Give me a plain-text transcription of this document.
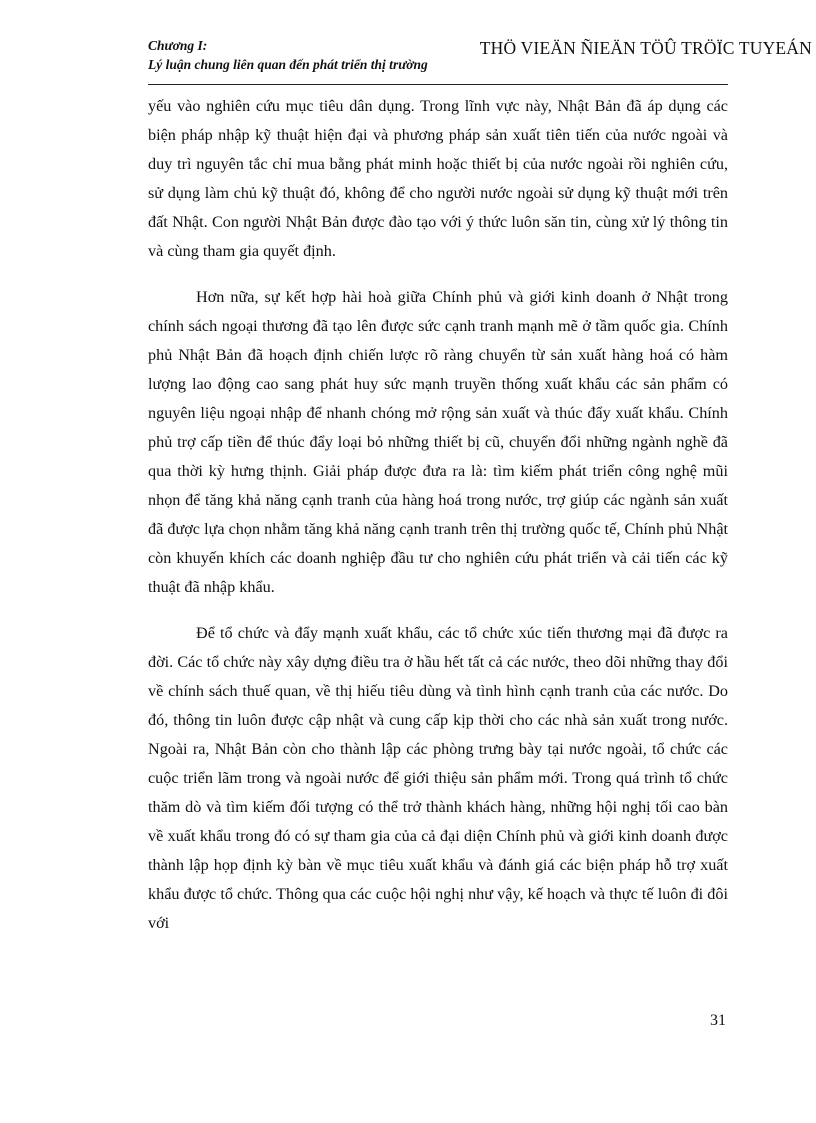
Chương I:
Lý luận chung liên quan đến phát triển thị trường
THÖ VIEÄN ÑIEÄN TÖÛ TRÖÏC TUYEÁN

yếu vào nghiên cứu mục tiêu dân dụng. Trong lĩnh vực này, Nhật Bản đã áp dụng các biện pháp nhập kỹ thuật hiện đại và phương pháp sản xuất tiên tiến của nước ngoài và duy trì nguyên tắc chỉ mua bằng phát minh hoặc thiết bị của nước ngoài rồi nghiên cứu, sử dụng làm chủ kỹ thuật đó, không để cho người nước ngoài sử dụng kỹ thuật mới trên đất Nhật. Con người Nhật Bản được đào tạo với ý thức luôn săn tin, cùng xử lý thông tin và cùng tham gia quyết định.

Hơn nữa, sự kết hợp hài hoà giữa Chính phủ và giới kinh doanh ở Nhật trong chính sách ngoại thương đã tạo lên được sức cạnh tranh mạnh mẽ ở tầm quốc gia. Chính phủ Nhật Bản đã hoạch định chiến lược rõ ràng chuyển từ sản xuất hàng hoá có hàm lượng lao động cao sang phát huy sức mạnh truyền thống xuất khẩu các sản phẩm có nguyên liệu ngoại nhập để nhanh chóng mở rộng sản xuất và thúc đẩy xuất khẩu. Chính phủ trợ cấp tiền để thúc đẩy loại bỏ những thiết bị cũ, chuyển đổi những ngành nghề đã qua thời kỳ hưng thịnh. Giải pháp được đưa ra là: tìm kiếm phát triển công nghệ mũi nhọn để tăng khả năng cạnh tranh của hàng hoá trong nước, trợ giúp các ngành sản xuất đã được lựa chọn nhằm tăng khả năng cạnh tranh trên thị trường quốc tế, Chính phủ Nhật còn khuyến khích các doanh nghiệp đầu tư cho nghiên cứu phát triển và cải tiến các kỹ thuật đã nhập khẩu.

Để tổ chức và đẩy mạnh xuất khẩu, các tổ chức xúc tiến thương mại đã được ra đời. Các tổ chức này xây dựng điều tra ở hầu hết tất cả các nước, theo dõi những thay đổi về chính sách thuế quan, về thị hiếu tiêu dùng và tình hình cạnh tranh của các nước. Do đó, thông tin luôn được cập nhật và cung cấp kịp thời cho các nhà sản xuất trong nước. Ngoài ra, Nhật Bản còn cho thành lập các phòng trưng bày tại nước ngoài, tổ chức các cuộc triển lãm trong và ngoài nước để giới thiệu sản phẩm mới. Trong quá trình tổ chức thăm dò và tìm kiếm đối tượng có thể trở thành khách hàng, những hội nghị tối cao bàn về xuất khẩu trong đó có sự tham gia của cả đại diện Chính phủ và giới kinh doanh được thành lập họp định kỳ bàn về mục tiêu xuất khẩu và đánh giá các biện pháp hỗ trợ xuất khẩu được tổ chức. Thông qua các cuộc hội nghị như vậy, kế hoạch và thực tế luôn đi đôi với

31
